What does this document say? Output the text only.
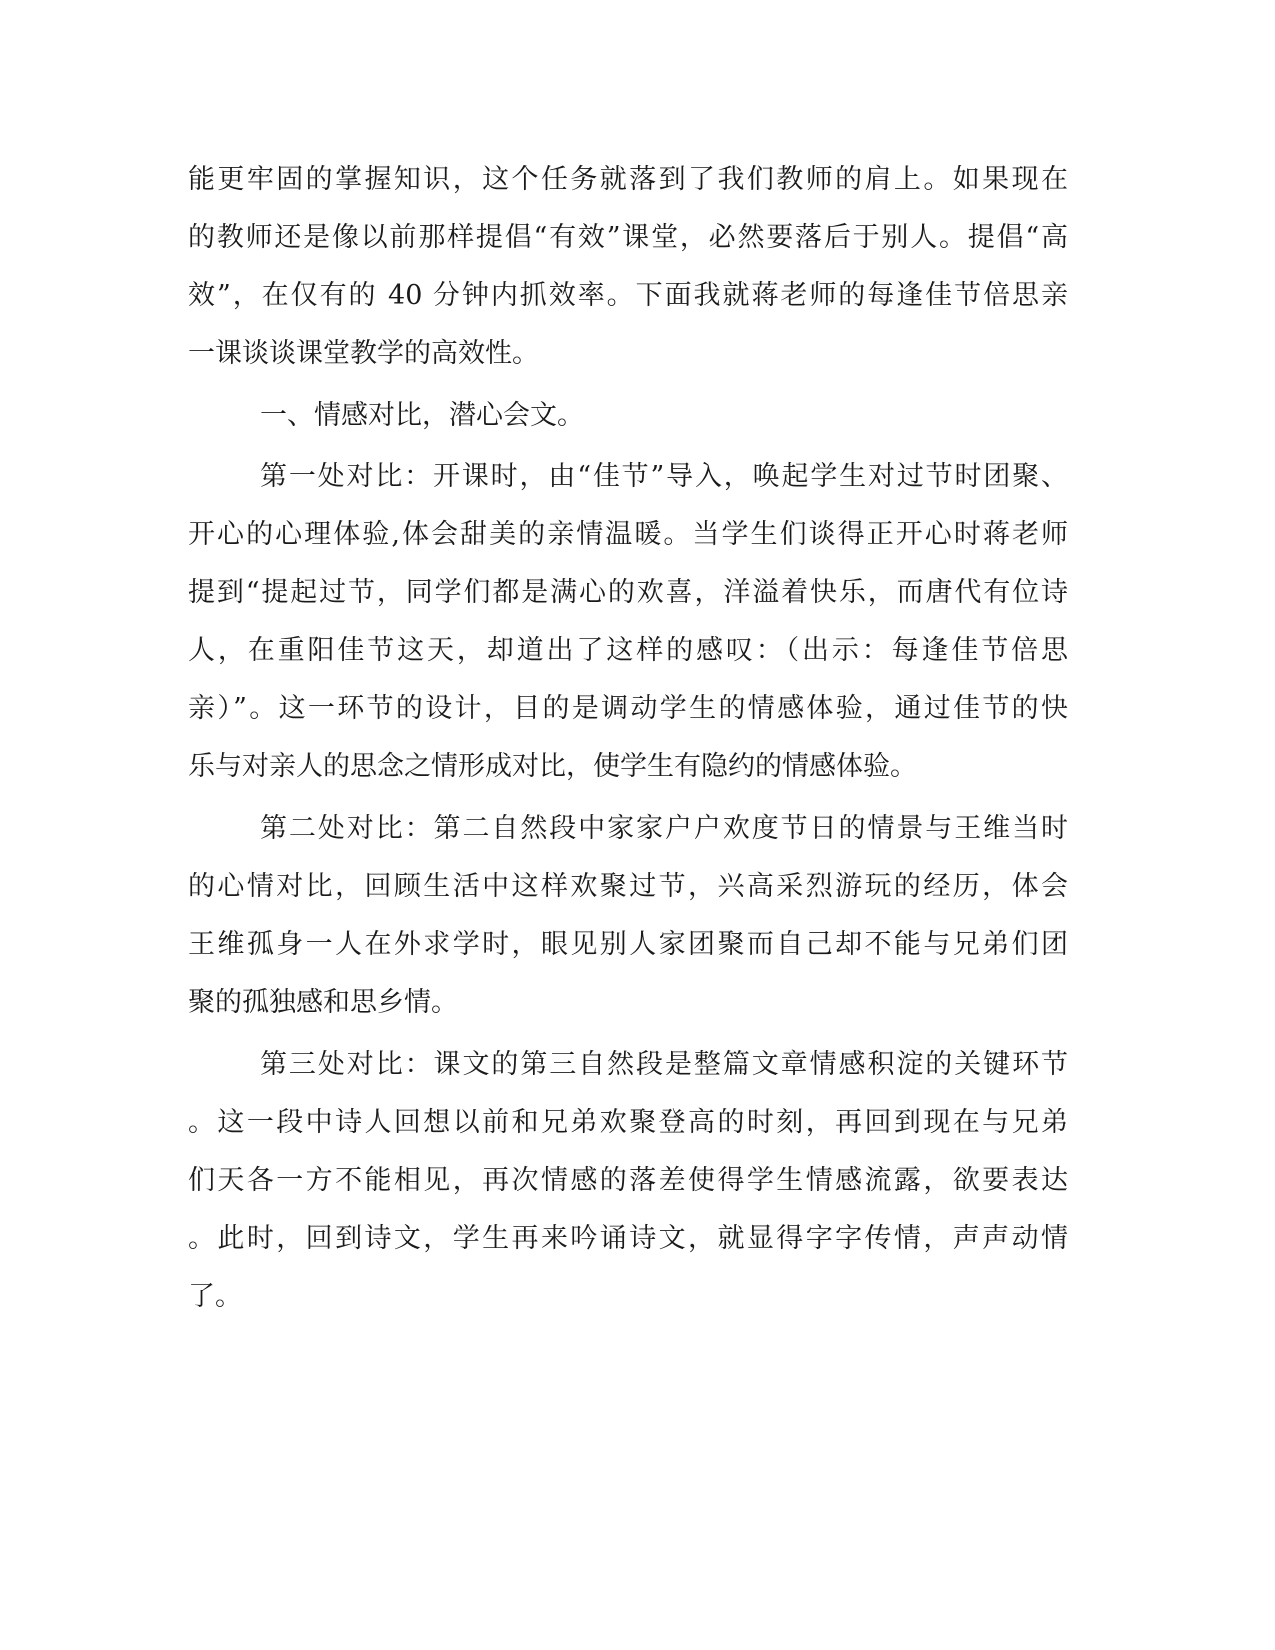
能更牢固的掌握知识，这个任务就落到了我们教师的肩上。如果现在
的教师还是像以前那样提倡“有效”课堂，必然要落后于别人。提倡“高
效”，在仅有的 40 分钟内抓效率。下面我就蒋老师的每逢佳节倍思亲
一课谈谈课堂教学的高效性。
一、情感对比，潜心会文。
第一处对比：开课时，由“佳节”导入，唤起学生对过节时团聚、
开心的心理体验,体会甜美的亲情温暖。当学生们谈得正开心时蒋老师
提到“提起过节，同学们都是满心的欢喜，洋溢着快乐，而唐代有位诗
人，在重阳佳节这天，却道出了这样的感叹：（出示：每逢佳节倍思
亲）”。这一环节的设计，目的是调动学生的情感体验，通过佳节的快
乐与对亲人的思念之情形成对比，使学生有隐约的情感体验。
第二处对比：第二自然段中家家户户欢度节日的情景与王维当时
的心情对比，回顾生活中这样欢聚过节，兴高采烈游玩的经历，体会
王维孤身一人在外求学时，眼见别人家团聚而自己却不能与兄弟们团
聚的孤独感和思乡情。
第三处对比：课文的第三自然段是整篇文章情感积淀的关键环节
。这一段中诗人回想以前和兄弟欢聚登高的时刻，再回到现在与兄弟
们天各一方不能相见，再次情感的落差使得学生情感流露，欲要表达
。此时，回到诗文，学生再来吟诵诗文，就显得字字传情，声声动情
了。
